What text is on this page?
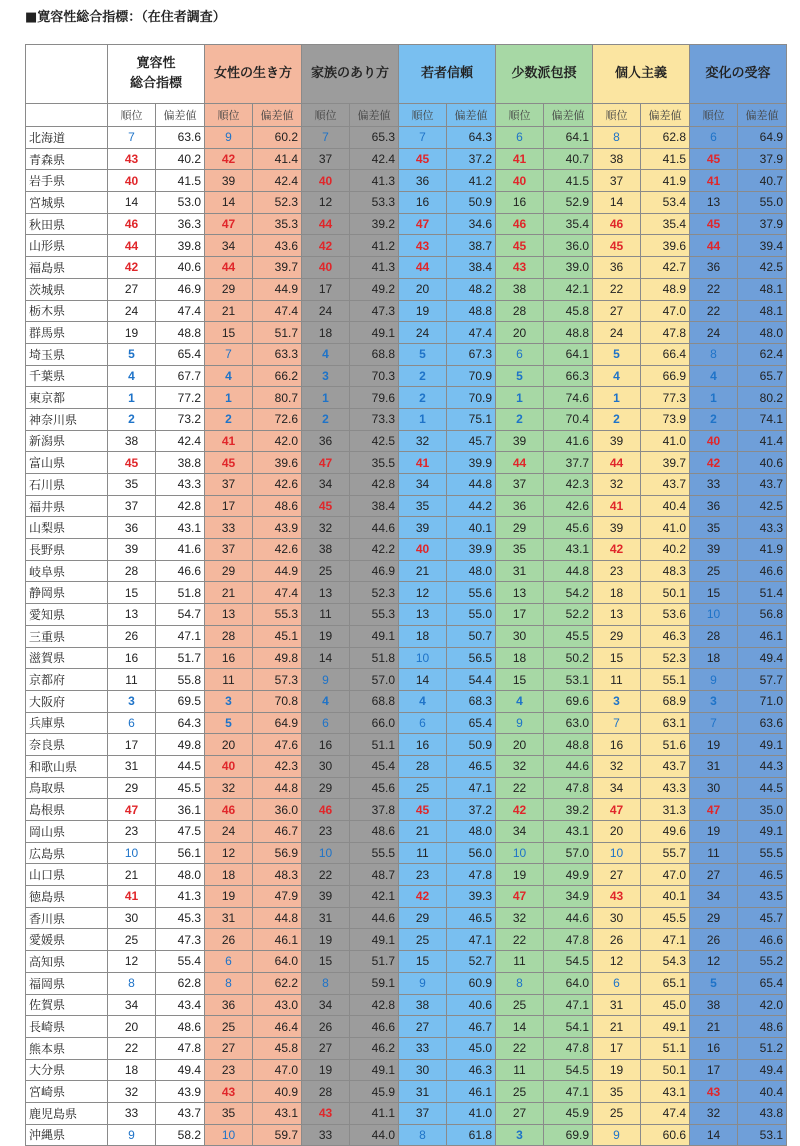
■寛容性総合指標：（在住者調査）
	寛容性
総合指標		女性の生き方		家族のあり方		若者信頼		少数派包摂		個人主義		変化の受容	
	順位	偏差値	順位	偏差値	順位	偏差値	順位	偏差値	順位	偏差値	順位	偏差値	順位	偏差値
北海道	7	63.6	9	60.2	7	65.3	7	64.3	6	64.1	8	62.8	6	64.9
青森県	43	40.2	42	41.4	37	42.4	45	37.2	41	40.7	38	41.5	45	37.9
岩手県	40	41.5	39	42.4	40	41.3	36	41.2	40	41.5	37	41.9	41	40.7
宮城県	14	53.0	14	52.3	12	53.3	16	50.9	16	52.9	14	53.4	13	55.0
秋田県	46	36.3	47	35.3	44	39.2	47	34.6	46	35.4	46	35.4	45	37.9
山形県	44	39.8	34	43.6	42	41.2	43	38.7	45	36.0	45	39.6	44	39.4
福島県	42	40.6	44	39.7	40	41.3	44	38.4	43	39.0	36	42.7	36	42.5
茨城県	27	46.9	29	44.9	17	49.2	20	48.2	38	42.1	22	48.9	22	48.1
栃木県	24	47.4	21	47.4	24	47.3	19	48.8	28	45.8	27	47.0	22	48.1
群馬県	19	48.8	15	51.7	18	49.1	24	47.4	20	48.8	24	47.8	24	48.0
埼玉県	5	65.4	7	63.3	4	68.8	5	67.3	6	64.1	5	66.4	8	62.4
千葉県	4	67.7	4	66.2	3	70.3	2	70.9	5	66.3	4	66.9	4	65.7
東京都	1	77.2	1	80.7	1	79.6	2	70.9	1	74.6	1	77.3	1	80.2
神奈川県	2	73.2	2	72.6	2	73.3	1	75.1	2	70.4	2	73.9	2	74.1
新潟県	38	42.4	41	42.0	36	42.5	32	45.7	39	41.6	39	41.0	40	41.4
富山県	45	38.8	45	39.6	47	35.5	41	39.9	44	37.7	44	39.7	42	40.6
石川県	35	43.3	37	42.6	34	42.8	34	44.8	37	42.3	32	43.7	33	43.7
福井県	37	42.8	17	48.6	45	38.4	35	44.2	36	42.6	41	40.4	36	42.5
山梨県	36	43.1	33	43.9	32	44.6	39	40.1	29	45.6	39	41.0	35	43.3
長野県	39	41.6	37	42.6	38	42.2	40	39.9	35	43.1	42	40.2	39	41.9
岐阜県	28	46.6	29	44.9	25	46.9	21	48.0	31	44.8	23	48.3	25	46.6
静岡県	15	51.8	21	47.4	13	52.3	12	55.6	13	54.2	18	50.1	15	51.4
愛知県	13	54.7	13	55.3	11	55.3	13	55.0	17	52.2	13	53.6	10	56.8
三重県	26	47.1	28	45.1	19	49.1	18	50.7	30	45.5	29	46.3	28	46.1
滋賀県	16	51.7	16	49.8	14	51.8	10	56.5	18	50.2	15	52.3	18	49.4
京都府	11	55.8	11	57.3	9	57.0	14	54.4	15	53.1	11	55.1	9	57.7
大阪府	3	69.5	3	70.8	4	68.8	4	68.3	4	69.6	3	68.9	3	71.0
兵庫県	6	64.3	5	64.9	6	66.0	6	65.4	9	63.0	7	63.1	7	63.6
奈良県	17	49.8	20	47.6	16	51.1	16	50.9	20	48.8	16	51.6	19	49.1
和歌山県	31	44.5	40	42.3	30	45.4	28	46.5	32	44.6	32	43.7	31	44.3
鳥取県	29	45.5	32	44.8	29	45.6	25	47.1	22	47.8	34	43.3	30	44.5
島根県	47	36.1	46	36.0	46	37.8	45	37.2	42	39.2	47	31.3	47	35.0
岡山県	23	47.5	24	46.7	23	48.6	21	48.0	34	43.1	20	49.6	19	49.1
広島県	10	56.1	12	56.9	10	55.5	11	56.0	10	57.0	10	55.7	11	55.5
山口県	21	48.0	18	48.3	22	48.7	23	47.8	19	49.9	27	47.0	27	46.5
徳島県	41	41.3	19	47.9	39	42.1	42	39.3	47	34.9	43	40.1	34	43.5
香川県	30	45.3	31	44.8	31	44.6	29	46.5	32	44.6	30	45.5	29	45.7
愛媛県	25	47.3	26	46.1	19	49.1	25	47.1	22	47.8	26	47.1	26	46.6
高知県	12	55.4	6	64.0	15	51.7	15	52.7	11	54.5	12	54.3	12	55.2
福岡県	8	62.8	8	62.2	8	59.1	9	60.9	8	64.0	6	65.1	5	65.4
佐賀県	34	43.4	36	43.0	34	42.8	38	40.6	25	47.1	31	45.0	38	42.0
長崎県	20	48.6	25	46.4	26	46.6	27	46.7	14	54.1	21	49.1	21	48.6
熊本県	22	47.8	27	45.8	27	46.2	33	45.0	22	47.8	17	51.1	16	51.2
大分県	18	49.4	23	47.0	19	49.1	30	46.3	11	54.5	19	50.1	17	49.4
宮崎県	32	43.9	43	40.9	28	45.9	31	46.1	25	47.1	35	43.1	43	40.4
鹿児島県	33	43.7	35	43.1	43	41.1	37	41.0	27	45.9	25	47.4	32	43.8
沖縄県	9	58.2	10	59.7	33	44.0	8	61.8	3	69.9	9	60.6	14	53.1
